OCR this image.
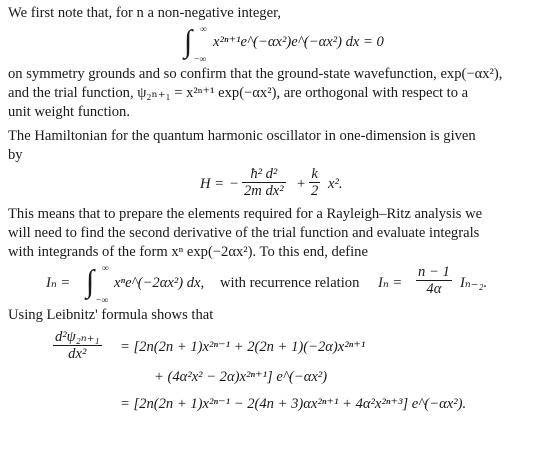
We first note that, for n a non-negative integer,

∞
∫
−∞
x²ⁿ⁺¹e^(−αx²)e^(−αx²) dx = 0

on symmetry grounds and so confirm that the ground-state wavefunction, exp(−αx²),

and the trial function, ψ₂ₙ₊₁ = x²ⁿ⁺¹ exp(−αx²), are orthogonal with respect to a

unit weight function.

The Hamiltonian for the quantum harmonic oscillator in one-dimension is given

by

H = − $\frac{\text{ħ² d²}}{\text{2m dx²}} + \frac{k}{2} x^2$.

This means that to prepare the elements required for a Rayleigh–Ritz analysis we

will need to find the second derivative of the trial function and evaluate integrals

with integrands of the form xⁿ exp(−2αx²). To this end, define

Iₙ =
∞
∫
−∞
xⁿe^(−2αx²) dx, with recurrence relation $I_n = \frac{n - 1}{4\alpha} I_{n-2}$.

Using Leibnitz' formula shows that

$\frac{\text{d²ψ₂ₙ₊₁}}{\text{dx²}} = [2n(2n + 1)x^{2n-1} + 2(2n + 1)(-2\alpha)x^{2n+1}$
+ (4α²x² − 2α)x²ⁿ⁺¹] e^(−αx²)
= [2n(2n + 1)x²ⁿ⁻¹ − 2(4n + 3)αx²ⁿ⁺¹ + 4α²x²ⁿ⁺³] e^(−αx²).
